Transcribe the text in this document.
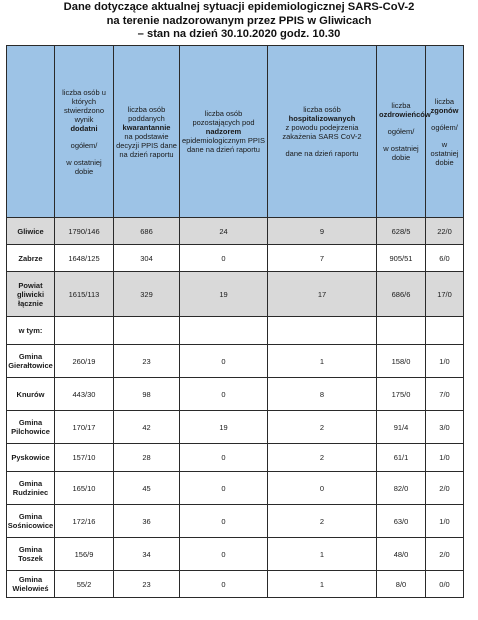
Dane dotyczące aktualnej sytuacji epidemiologicznej SARS-CoV-2
na terenie nadzorowanym przez PPIS w Gliwicach
– stan na dzień 30.10.2020 godz. 10.30

	liczba osób u których stwierdzono wynik
dodatni
ogółem/
w ostatniej dobie	liczba osób poddanych
kwarantannie
na podstawie decyzji PPIS dane na dzień raportu	liczba osób pozostających pod
nadzorem
epidemiologicznym PPIS dane na dzień raportu	liczba osób
hospitalizowanych
z powodu podejrzenia zakażenia SARS CoV-2
dane na dzień raportu	liczba ozdrowieńców
ogółem/
w ostatniej dobie	liczba
zgonów
ogółem/
w ostatniej dobie

Gliwice	1790/146	686	24	9	628/5	22/0
Zabrze	1648/125	304	0	7	905/51	6/0
Powiat gliwicki łącznie	1615/113	329	19	17	686/6	17/0
w tym:						
Gmina Gierałtowice	260/19	23	0	1	158/0	1/0
Knurów	443/30	98	0	8	175/0	7/0
Gmina Pilchowice	170/17	42	19	2	91/4	3/0
Pyskowice	157/10	28	0	2	61/1	1/0
Gmina Rudziniec	165/10	45	0	0	82/0	2/0
Gmina Sośnicowice	172/16	36	0	2	63/0	1/0
Gmina Toszek	156/9	34	0	1	48/0	2/0
Gmina Wielowieś	55/2	23	0	1	8/0	0/0
